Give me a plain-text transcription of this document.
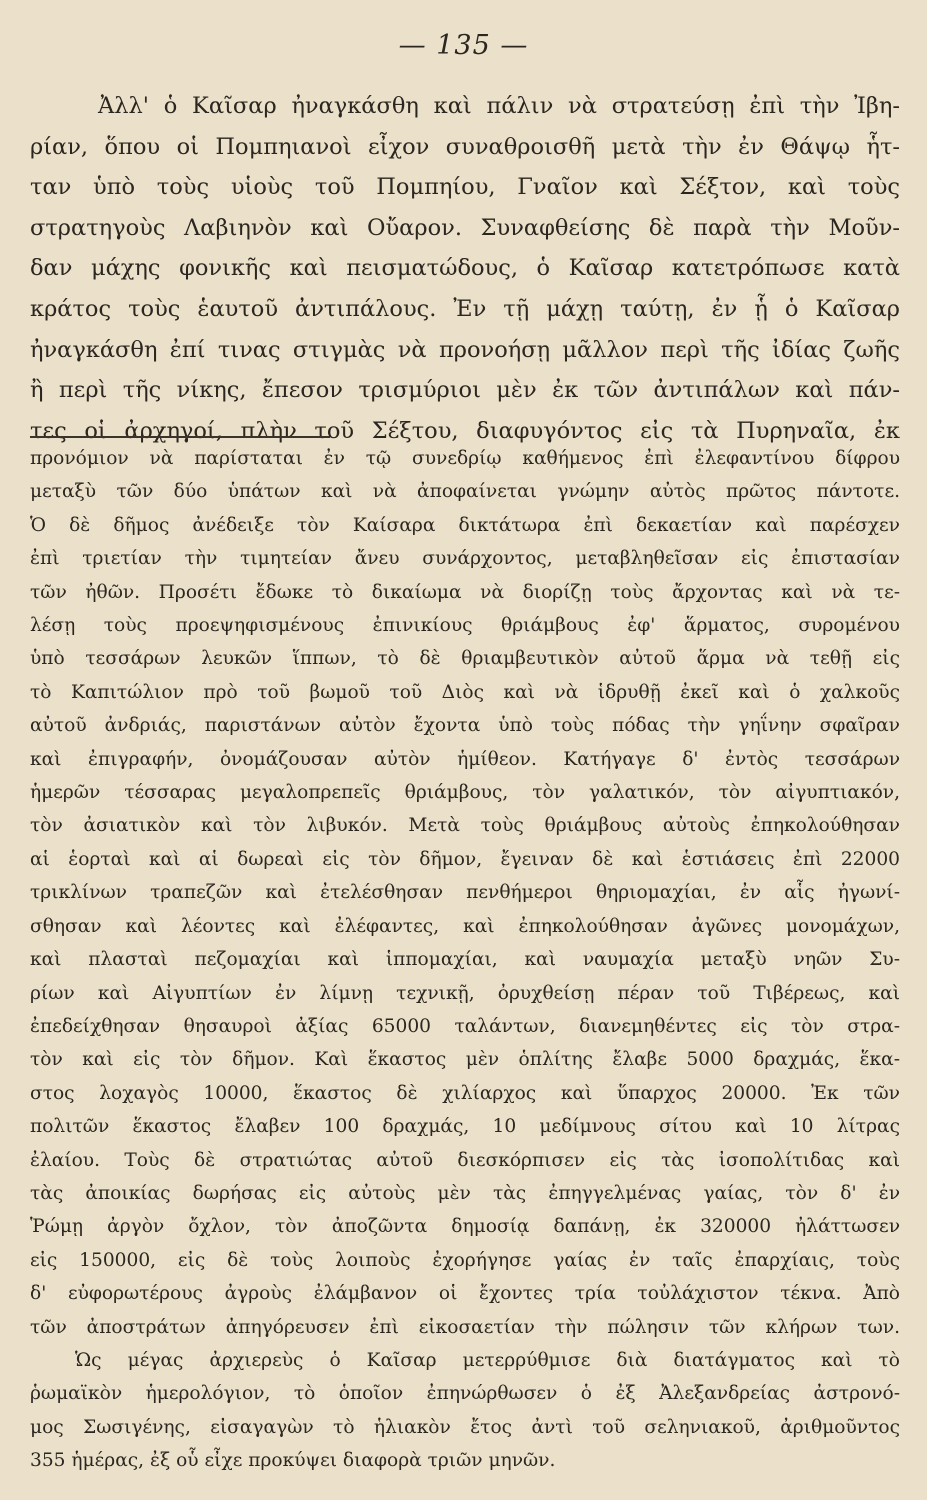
— 135 —
Ἀλλ' ὁ Καῖσαρ ἠναγκάσθη καὶ πάλιν νὰ στρατεύσῃ ἐπὶ τὴν Ἰβη-
ρίαν, ὅπου οἱ Πομπηιανοὶ εἶχον συναθροισθῆ μετὰ τὴν ἐν Θάψῳ ἧτ-
ταν ὑπὸ τοὺς υἱοὺς τοῦ Πομπηίου, Γναῖον καὶ Σέξτον, καὶ τοὺς
στρατηγοὺς Λαβιηνὸν καὶ Οὔαρον. Συναφθείσης δὲ παρὰ τὴν Μοῦν-
δαν μάχης φονικῆς καὶ πεισματώδους, ὁ Καῖσαρ κατετρόπωσε κατὰ
κράτος τοὺς ἑαυτοῦ ἀντιπάλους. Ἐν τῇ μάχῃ ταύτῃ, ἐν ᾗ ὁ Καῖσαρ
ἠναγκάσθη ἐπί τινας στιγμὰς νὰ προνοήσῃ μᾶλλον περὶ τῆς ἰδίας ζωῆς
ἢ περὶ τῆς νίκης, ἔπεσον τρισμύριοι μὲν ἐκ τῶν ἀντιπάλων καὶ πάν-
τες οἱ ἀρχηγοί, πλὴν τοῦ Σέξτου, διαφυγόντος εἰς τὰ Πυρηναῖα, ἐκ
προνόμιον νὰ παρίσταται ἐν τῷ συνεδρίῳ καθήμενος ἐπὶ ἐλεφαντίνου δίφρου
μεταξὺ τῶν δύο ὑπάτων καὶ νὰ ἀποφαίνεται γνώμην αὐτὸς πρῶτος πάντοτε.
Ὁ δὲ δῆμος ἀνέδειξε τὸν Καίσαρα δικτάτωρα ἐπὶ δεκαετίαν καὶ παρέσχεν
ἐπὶ τριετίαν τὴν τιμητείαν ἄνευ συνάρχοντος, μεταβληθεῖσαν εἰς ἐπιστασίαν
τῶν ἠθῶν. Προσέτι ἔδωκε τὸ δικαίωμα νὰ διορίζῃ τοὺς ἄρχοντας καὶ νὰ τε-
λέσῃ τοὺς προεψηφισμένους ἐπινικίους θριάμβους ἐφ' ἅρματος, συρομένου
ὑπὸ τεσσάρων λευκῶν ἵππων, τὸ δὲ θριαμβευτικὸν αὐτοῦ ἅρμα νὰ τεθῇ εἰς
τὸ Καπιτώλιον πρὸ τοῦ βωμοῦ τοῦ Διὸς καὶ νὰ ἱδρυθῇ ἐκεῖ καὶ ὁ χαλκοῦς
αὐτοῦ ἀνδριάς, παριστάνων αὐτὸν ἔχοντα ὑπὸ τοὺς πόδας τὴν γηΐνην σφαῖραν
καὶ ἐπιγραφήν, ὀνομάζουσαν αὐτὸν ἡμίθεον. Κατήγαγε δ' ἐντὸς τεσσάρων
ἡμερῶν τέσσαρας μεγαλοπρεπεῖς θριάμβους, τὸν γαλατικόν, τὸν αἰγυπτιακόν,
τὸν ἀσιατικὸν καὶ τὸν λιβυκόν. Μετὰ τοὺς θριάμβους αὐτοὺς ἐπηκολούθησαν
αἱ ἑορταὶ καὶ αἱ δωρεαὶ εἰς τὸν δῆμον, ἔγειναν δὲ καὶ ἑστιάσεις ἐπὶ 22000
τρικλίνων τραπεζῶν καὶ ἐτελέσθησαν πενθήμεροι θηριομαχίαι, ἐν αἷς ἠγωνί-
σθησαν καὶ λέοντες καὶ ἐλέφαντες, καὶ ἐπηκολούθησαν ἀγῶνες μονομάχων,
καὶ πλασταὶ πεζομαχίαι καὶ ἱππομαχίαι, καὶ ναυμαχία μεταξὺ νηῶν Συ-
ρίων καὶ Αἰγυπτίων ἐν λίμνῃ τεχνικῇ, ὀρυχθείσῃ πέραν τοῦ Τιβέρεως, καὶ
ἐπεδείχθησαν θησαυροὶ ἀξίας 65000 ταλάντων, διανεμηθέντες εἰς τὸν στρα-
τὸν καὶ εἰς τὸν δῆμον. Καὶ ἕκαστος μὲν ὁπλίτης ἔλαβε 5000 δραχμάς, ἕκα-
στος λοχαγὸς 10000, ἕκαστος δὲ χιλίαρχος καὶ ὕπαρχος 20000. Ἐκ τῶν
πολιτῶν ἕκαστος ἔλαβεν 100 δραχμάς, 10 μεδίμνους σίτου καὶ 10 λίτρας
ἐλαίου. Τοὺς δὲ στρατιώτας αὐτοῦ διεσκόρπισεν εἰς τὰς ἰσοπολίτιδας καὶ
τὰς ἀποικίας δωρήσας εἰς αὐτοὺς μὲν τὰς ἐπηγγελμένας γαίας, τὸν δ' ἐν
Ῥώμῃ ἀργὸν ὄχλον, τὸν ἀποζῶντα δημοσίᾳ δαπάνῃ, ἐκ 320000 ἠλάττωσεν
εἰς 150000, εἰς δὲ τοὺς λοιποὺς ἐχορήγησε γαίας ἐν ταῖς ἐπαρχίαις, τοὺς
δ' εὐφορωτέρους ἀγροὺς ἐλάμβανον οἱ ἔχοντες τρία τοὐλάχιστον τέκνα. Ἀπὸ
τῶν ἀποστράτων ἀπηγόρευσεν ἐπὶ εἰκοσαετίαν τὴν πώλησιν τῶν κλήρων των.
Ὡς μέγας ἀρχιερεὺς ὁ Καῖσαρ μετερρύθμισε διὰ διατάγματος καὶ τὸ
ῥωμαϊκὸν ἡμερολόγιον, τὸ ὁποῖον ἐπηνώρθωσεν ὁ ἐξ Ἀλεξανδρείας ἀστρονό-
μος Σωσιγένης, εἰσαγαγὼν τὸ ἡλιακὸν ἔτος ἀντὶ τοῦ σεληνιακοῦ, ἀριθμοῦντος
355 ἡμέρας, ἐξ οὗ εἶχε προκύψει διαφορὰ τριῶν μηνῶν.
